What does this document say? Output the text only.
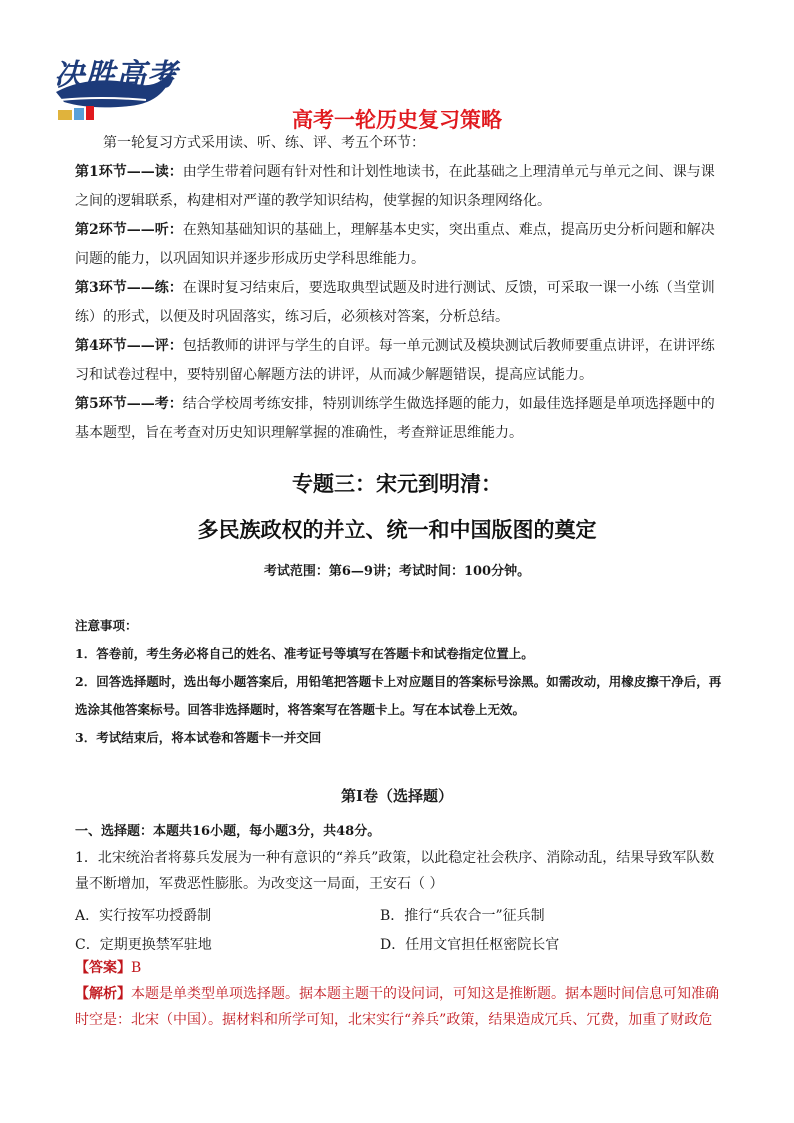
决胜高考
高考一轮历史复习策略
第一轮复习方式采用读、听、练、评、考五个环节：
第1环节——读：由学生带着问题有针对性和计划性地读书，在此基础之上理清单元与单元之间、课与课之间的逻辑联系，构建相对严谨的教学知识结构，使掌握的知识条理网络化。
第2环节——听：在熟知基础知识的基础上，理解基本史实，突出重点、难点，提高历史分析问题和解决问题的能力，以巩固知识并逐步形成历史学科思维能力。
第3环节——练：在课时复习结束后，要选取典型试题及时进行测试、反馈，可采取一课一小练（当堂训练）的形式，以便及时巩固落实，练习后，必须核对答案，分析总结。
第4环节——评：包括教师的讲评与学生的自评。每一单元测试及模块测试后教师要重点讲评，在讲评练习和试卷过程中，要特别留心解题方法的讲评，从而减少解题错误，提高应试能力。
第5环节——考：结合学校周考练安排，特别训练学生做选择题的能力，如最佳选择题是单项选择题中的基本题型，旨在考查对历史知识理解掌握的准确性，考查辩证思维能力。
专题三：宋元到明清：
多民族政权的并立、统一和中国版图的奠定
考试范围：第6—9讲；考试时间：100分钟。
注意事项：
1．答卷前，考生务必将自己的姓名、准考证号等填写在答题卡和试卷指定位置上。
2．回答选择题时，选出每小题答案后，用铅笔把答题卡上对应题目的答案标号涂黑。如需改动，用橡皮擦干净后，再选涂其他答案标号。回答非选择题时，将答案写在答题卡上。写在本试卷上无效。
3．考试结束后，将本试卷和答题卡一并交回
第I卷（选择题）
一、选择题：本题共16小题，每小题3分，共48分。
1．北宋统治者将募兵发展为一种有意识的“养兵”政策，以此稳定社会秩序、消除动乱，结果导致军队数量不断增加，军费恶性膨胀。为改变这一局面，王安石（ ）
A．实行按军功授爵制	B．推行“兵农合一”征兵制
C．定期更换禁军驻地	D．任用文官担任枢密院长官
【答案】B
【解析】本题是单类型单项选择题。据本题主题干的设问词，可知这是推断题。据本题时间信息可知准确时空是：北宋（中国）。据材料和所学可知，北宋实行“养兵”政策，结果造成冗兵、冗费，加重了财政危
